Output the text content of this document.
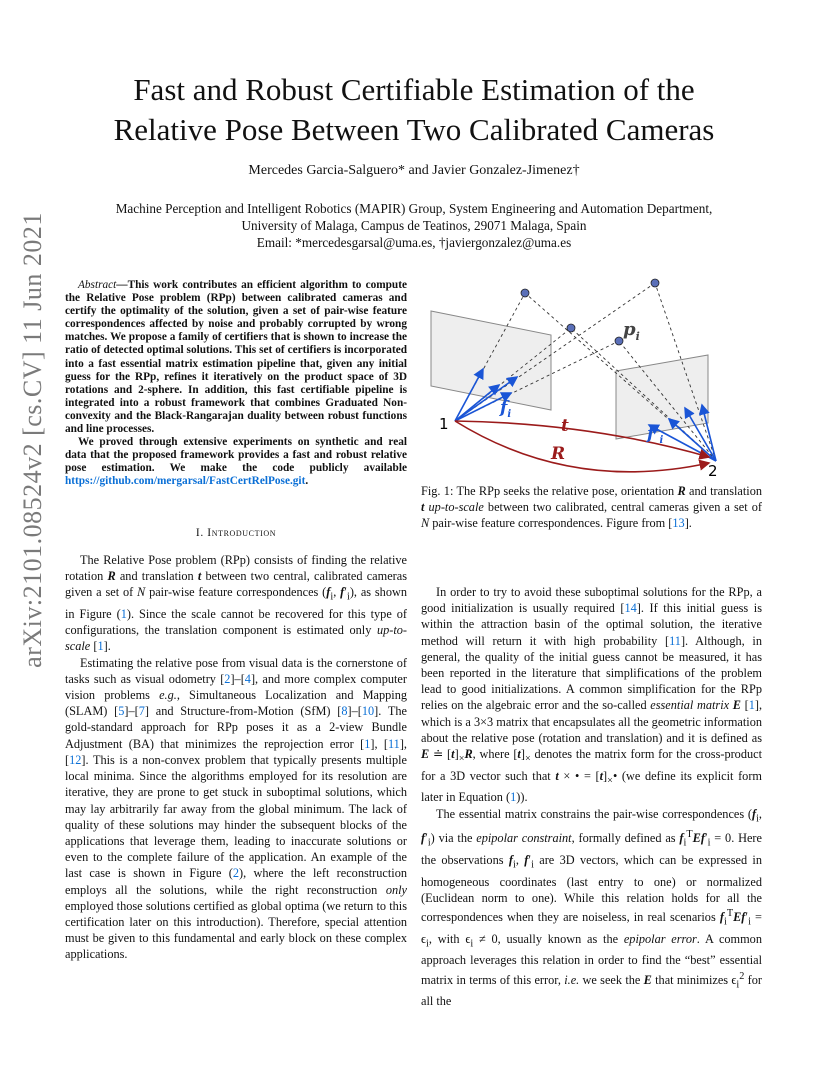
arXiv:2101.08524v2 [cs.CV] 11 Jun 2021
Fast and Robust Certifiable Estimation of the
Relative Pose Between Two Calibrated Cameras
Mercedes Garcia-Salguero* and Javier Gonzalez-Jimenez†
Machine Perception and Intelligent Robotics (MAPIR) Group, System Engineering and Automation Department,
University of Malaga, Campus de Teatinos, 29071 Malaga, Spain
Email: *mercedesgarsal@uma.es, †javiergonzalez@uma.es

Abstract—This work contributes an efficient algorithm to compute the Relative Pose problem (RPp) between calibrated cameras and certify the optimality of the solution, given a set of pair-wise feature correspondences affected by noise and probably corrupted by wrong matches. We propose a family of certifiers that is shown to increase the ratio of detected optimal solutions. This set of certifiers is incorporated into a fast essential matrix estimation pipeline that, given any initial guess for the RPp, refines it iteratively on the product space of 3D rotations and 2-sphere. In addition, this fast certifiable pipeline is integrated into a robust framework that combines Graduated Non-convexity and the Black-Rangarajan duality between robust functions and line processes.

We proved through extensive experiments on synthetic and real data that the proposed framework provides a fast and robust relative pose estimation. We make the code publicly available https://github.com/mergarsal/FastCertRelPose.git.

I. Introduction

The Relative Pose problem (RPp) consists of finding the relative rotation R and translation t between two central, calibrated cameras given a set of N pair-wise feature correspondences ($f_i$, $f'_i$), as shown in Figure (1). Since the scale cannot be recovered for this type of configurations, the translation component is estimated only up-to-scale [1].

Estimating the relative pose from visual data is the cornerstone of tasks such as visual odometry [2]–[4], and more complex computer vision problems e.g., Simultaneous Localization and Mapping (SLAM) [5]–[7] and Structure-from-Motion (SfM) [8]–[10]. The gold-standard approach for RPp poses it as a 2-view Bundle Adjustment (BA) that minimizes the reprojection error [1], [11], [12]. This is a non-convex problem that typically presents multiple local minima. Since the algorithms employed for its resolution are iterative, they are prone to get stuck in suboptimal solutions, which may lay arbitrarily far away from the global minimum. The lack of quality of these solutions may hinder the subsequent blocks of the applications that leverage them, leading to inaccurate solutions or even to the complete failure of the application. An example of the last case is shown in Figure (2), where the left reconstruction employs all the solutions, while the right reconstruction only employed those solutions certified as global optima (we return to this certification later on this introduction). Therefore, special attention must be given to this fundamental and early block on these complex applications.

1
2
t
R
$p_i$
$f_i$
$f'_i$
Fig. 1: The RPp seeks the relative pose, orientation R and translation t up-to-scale between two calibrated, central cameras given a set of N pair-wise feature correspondences. Figure from [13].

In order to try to avoid these suboptimal solutions for the RPp, a good initialization is usually required [14]. If this initial guess is within the attraction basin of the optimal solution, the iterative method will return it with high probability [11]. Although, in general, the quality of the initial guess cannot be measured, it has been reported in the literature that simplifications of the problem lead to good initializations. A common simplification for the RPp relies on the algebraic error and the so-called essential matrix E [1], which is a 3×3 matrix that encapsulates all the geometric information about the relative pose (rotation and translation) and it is defined as E ≐ $[t]_\times R$, where $[t]_\times$ denotes the matrix form for the cross-product for a 3D vector such that t × • = $[t]_\times•$ (we define its explicit form later in Equation (1)).

The essential matrix constrains the pair-wise correspondences ($f_i$, $f'_i$) via the epipolar constraint, formally defined as $f_i^TEf'_i = 0$. Here the observations $f_i$, $f'_i$ are 3D vectors, which can be expressed in homogeneous coordinates (last entry to one) or normalized (Euclidean norm to one). While this relation holds for all the correspondences when they are noiseless, in real scenarios $f_i^TEf'_i = \epsilon_i$, with $\epsilon_i \ne 0$, usually known as the epipolar error. A common approach leverages this relation in order to find the “best” essential matrix in terms of this error, i.e. we seek the E that minimizes $\epsilon_i^2$ for all the
